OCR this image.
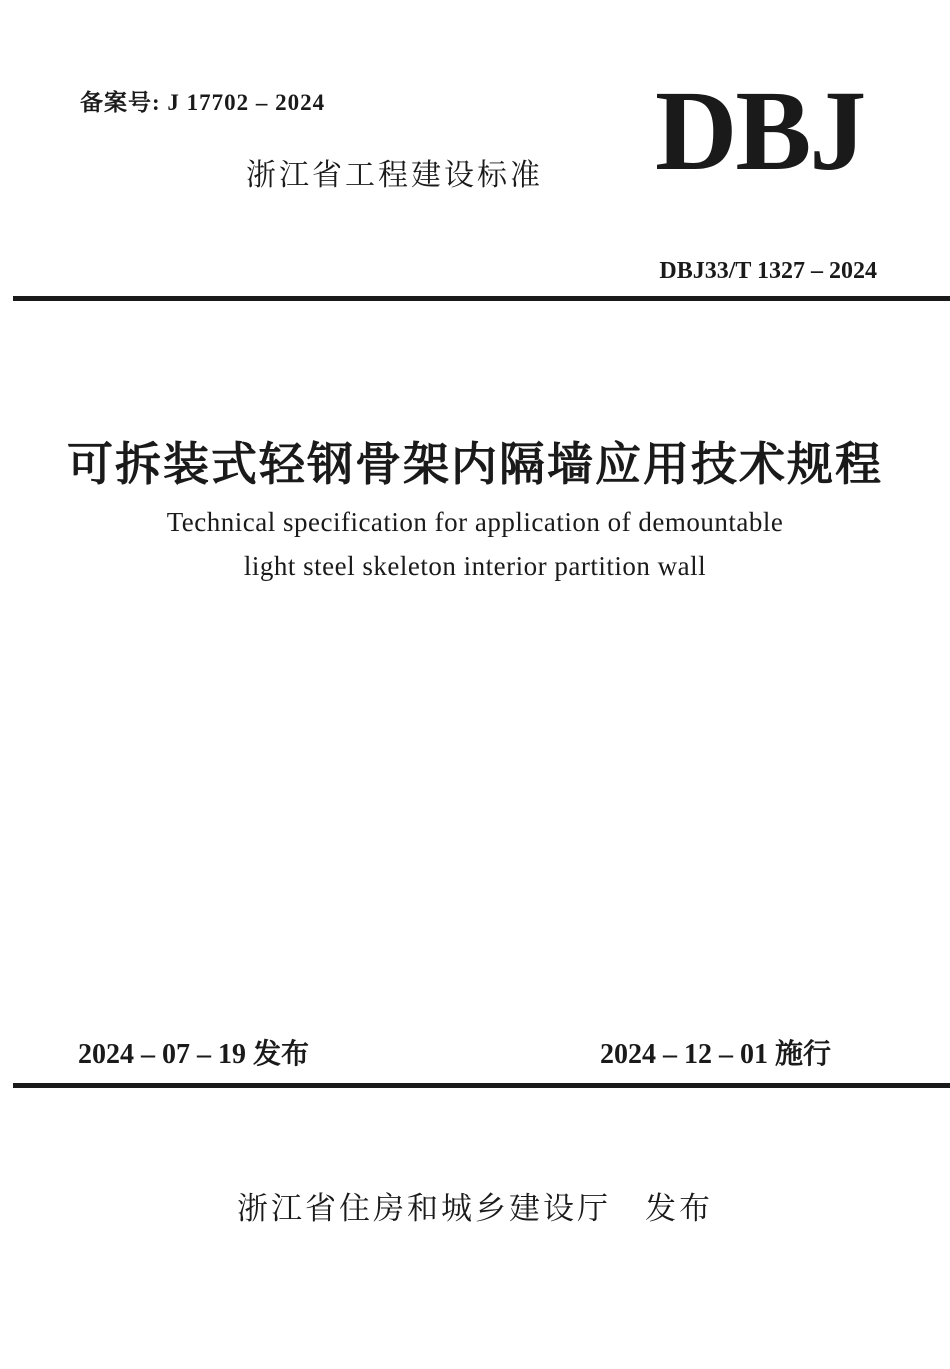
备案号: J 17702 – 2024
浙江省工程建设标准 DBJ
DBJ33/T 1327 – 2024
可拆装式轻钢骨架内隔墙应用技术规程
Technical specification for application of demountable
light steel skeleton interior partition wall
2024 – 07 – 19 发布	2024 – 12 – 01 施行
浙江省住房和城乡建设厅　发布
